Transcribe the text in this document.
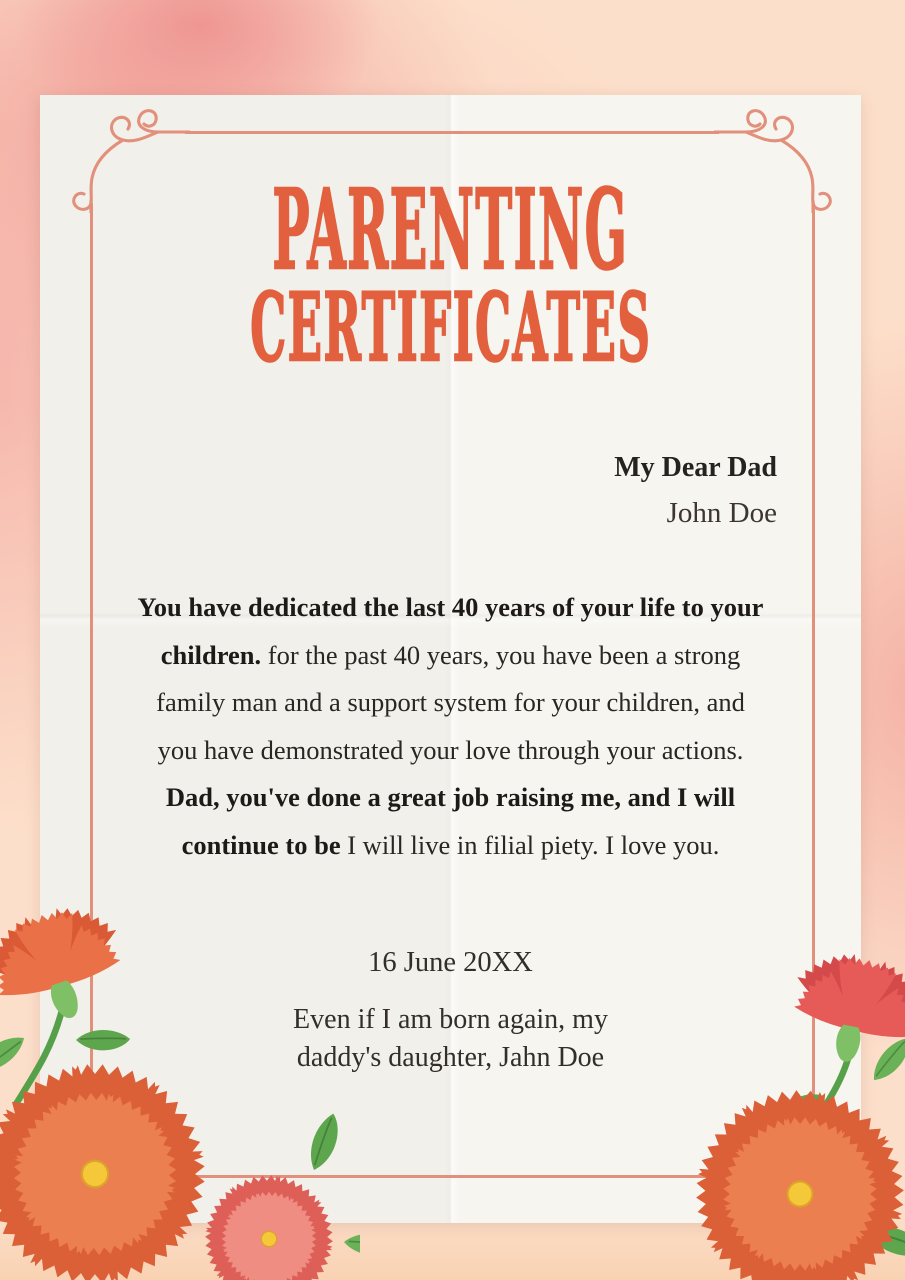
PARENTING
CERTIFICATES
My Dear Dad
John Doe
You have dedicated the last 40 years of your life to your
children. for the past 40 years, you have been a strong
family man and a support system for your children, and
you have demonstrated your love through your actions.
Dad, you've done a great job raising me, and I will
continue to be I will live in filial piety. I love you.
16 June 20XX
Even if I am born again, my
daddy's daughter, Jahn Doe
